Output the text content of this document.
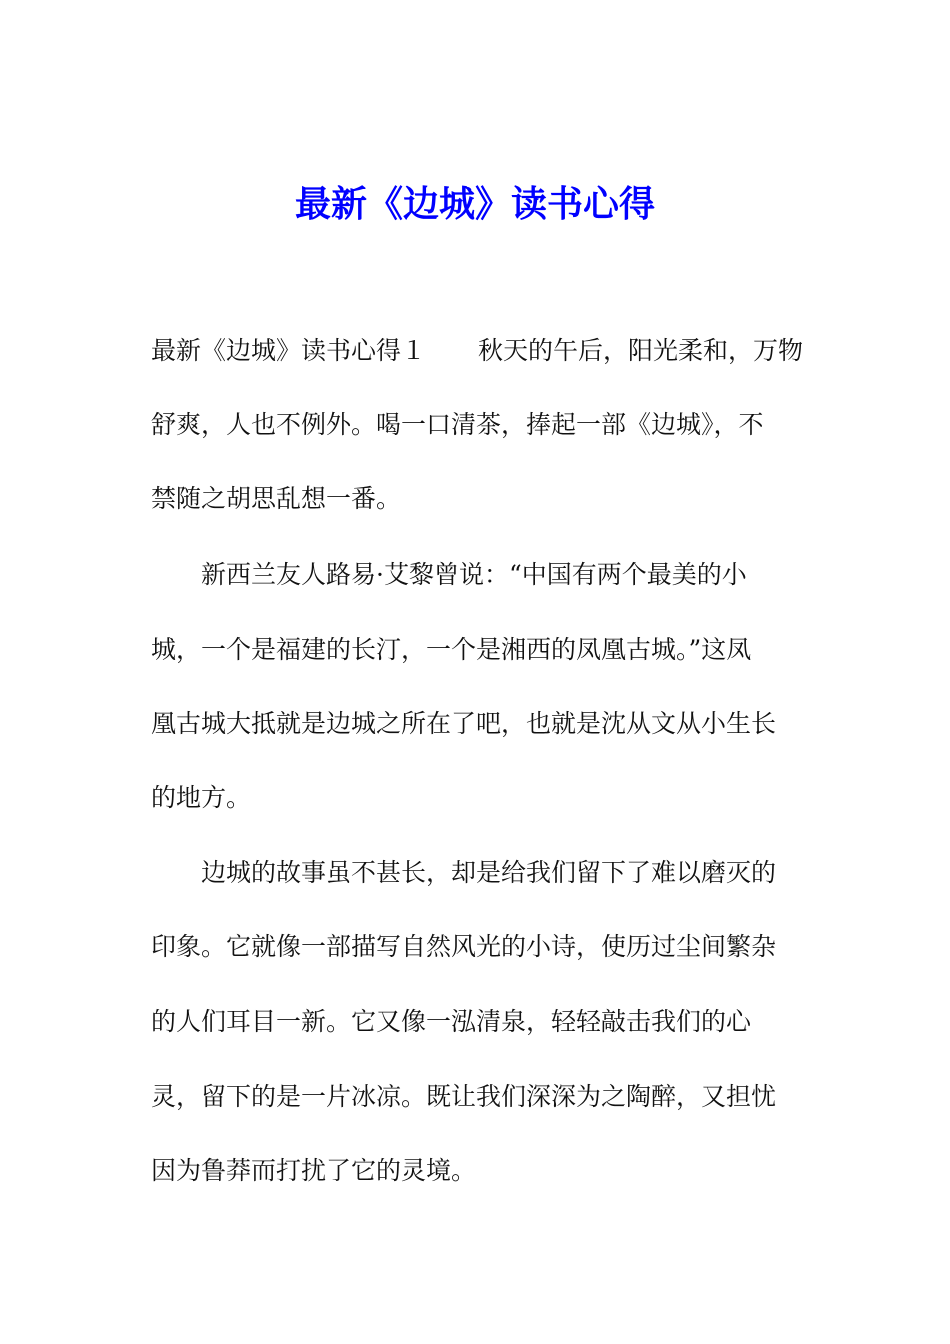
最新《边城》读书心得

最新《边城》读书心得１ 秋天的午后，阳光柔和，万物

舒爽，人也不例外。喝一口清茶，捧起一部《边城》，不

禁随之胡思乱想一番。

新西兰友人路易·艾黎曾说：“中国有两个最美的小

城，一个是福建的长汀，一个是湘西的凤凰古城。”这凤

凰古城大抵就是边城之所在了吧，也就是沈从文从小生长

的地方。

边城的故事虽不甚长，却是给我们留下了难以磨灭的

印象。它就像一部描写自然风光的小诗，使历过尘间繁杂

的人们耳目一新。它又像一泓清泉，轻轻敲击我们的心

灵，留下的是一片冰凉。既让我们深深为之陶醉，又担忧

因为鲁莽而打扰了它的灵境。
